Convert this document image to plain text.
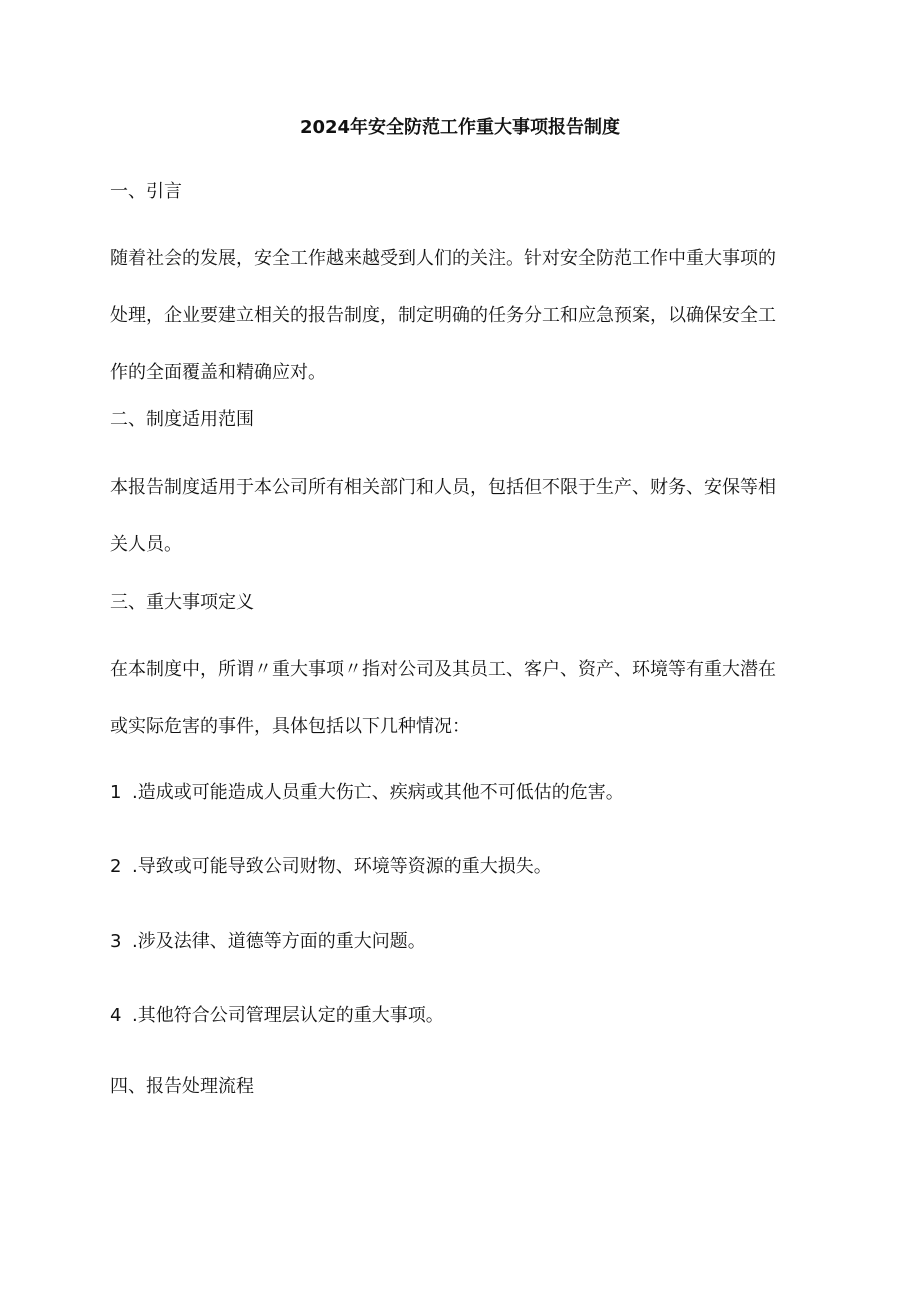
2024年安全防范工作重大事项报告制度
一、引言
随着社会的发展，安全工作越来越受到人们的关注。针对安全防范工作中重大事项的
处理，企业要建立相关的报告制度，制定明确的任务分工和应急预案，以确保安全工
作的全面覆盖和精确应对。
二、制度适用范围
本报告制度适用于本公司所有相关部门和人员，包括但不限于生产、财务、安保等相
关人员。
三、重大事项定义
在本制度中，所谓〃重大事项〃指对公司及其员工、客户、资产、环境等有重大潜在
或实际危害的事件，具体包括以下几种情况：
1 .造成或可能造成人员重大伤亡、疾病或其他不可低估的危害。
2 .导致或可能导致公司财物、环境等资源的重大损失。
3 .涉及法律、道德等方面的重大问题。
4 .其他符合公司管理层认定的重大事项。
四、报告处理流程
